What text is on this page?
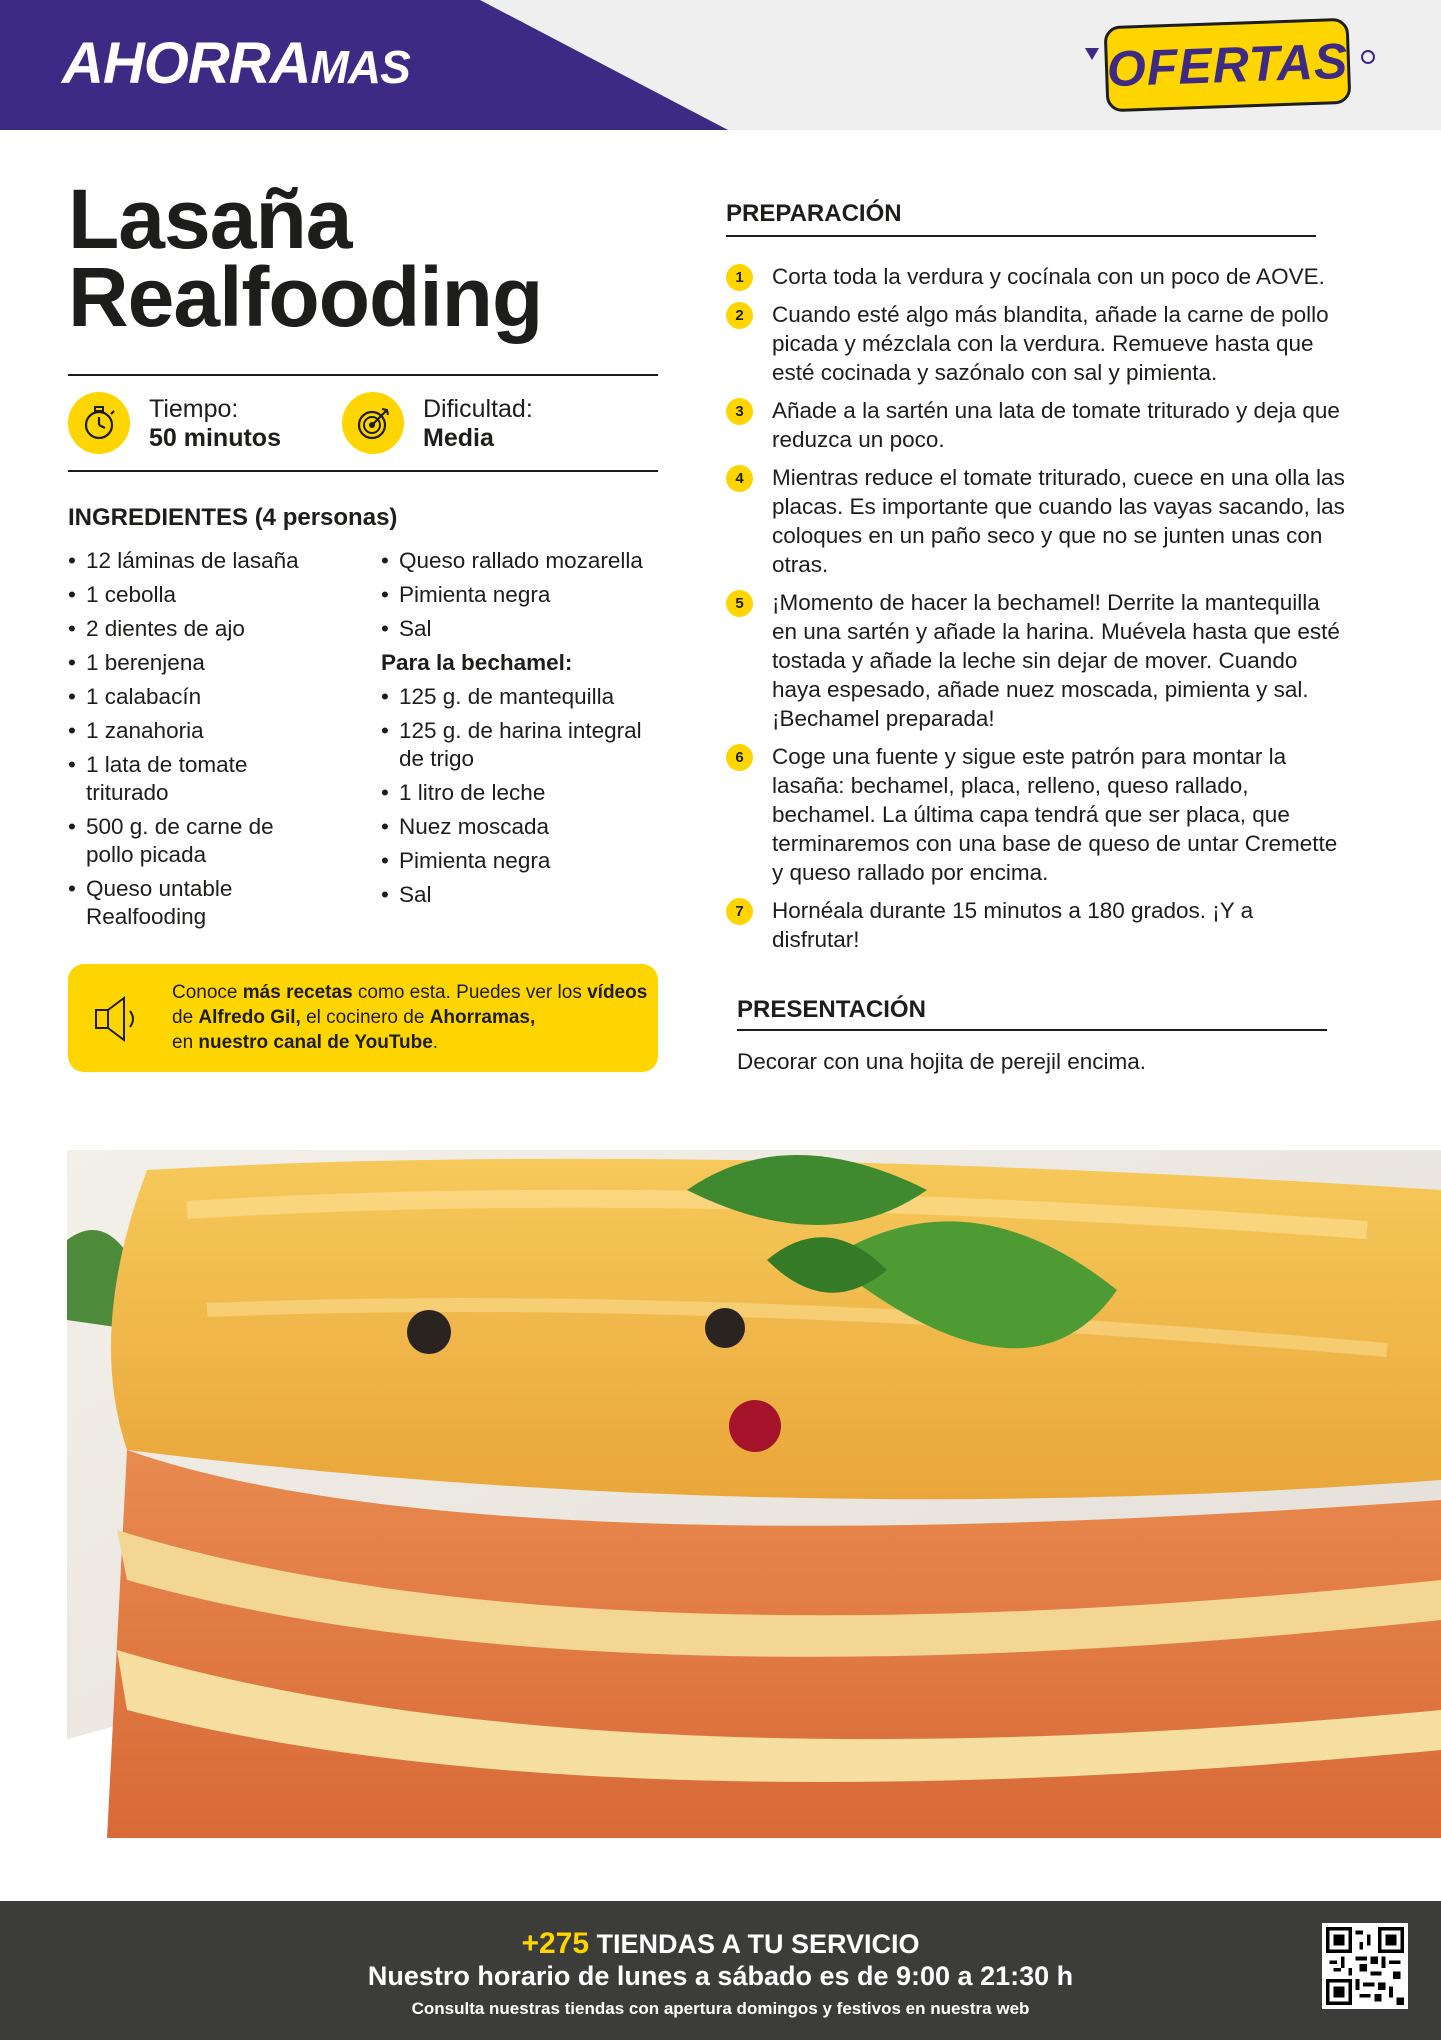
AHORRAMAS	OFERTAS
Lasaña
Realfooding
Tiempo:
50 minutos
Dificultad:
Media
INGREDIENTES (4 personas)
• 12 láminas de lasaña
• 1 cebolla
• 2 dientes de ajo
• 1 berenjena
• 1 calabacín
• 1 zanahoria
• 1 lata de tomate triturado
• 500 g. de carne de pollo picada
• Queso untable Realfooding
• Queso rallado mozarella
• Pimienta negra
• Sal
Para la bechamel:
• 125 g. de mantequilla
• 125 g. de harina integral de trigo
• 1 litro de leche
• Nuez moscada
• Pimienta negra
• Sal
Conoce más recetas como esta. Puedes ver los vídeos de Alfredo Gil, el cocinero de Ahorramas,
en nuestro canal de YouTube.
PREPARACIÓN
1	Corta toda la verdura y cocínala con un poco de AOVE.
2	Cuando esté algo más blandita, añade la carne de pollo picada y mézclala con la verdura. Remueve hasta que esté cocinada y sazónalo con sal y pimienta.
3	Añade a la sartén una lata de tomate triturado y deja que reduzca un poco.
4	Mientras reduce el tomate triturado, cuece en una olla las placas. Es importante que cuando las vayas sacando, las coloques en un paño seco y que no se junten unas con otras.
5	¡Momento de hacer la bechamel! Derrite la mantequilla en una sartén y añade la harina. Muévela hasta que esté tostada y añade la leche sin dejar de mover. Cuando haya espesado, añade nuez moscada, pimienta y sal. ¡Bechamel preparada!
6	Coge una fuente y sigue este patrón para montar la lasaña: bechamel, placa, relleno, queso rallado, bechamel. La última capa tendrá que ser placa, que terminaremos con una base de queso de untar Cremette y queso rallado por encima.
7	Hornéala durante 15 minutos a 180 grados. ¡Y a disfrutar!
PRESENTACIÓN
Decorar con una hojita de perejil encima.
+275 TIENDAS A TU SERVICIO
Nuestro horario de lunes a sábado es de 9:00 a 21:30 h
Consulta nuestras tiendas con apertura domingos y festivos en nuestra web
